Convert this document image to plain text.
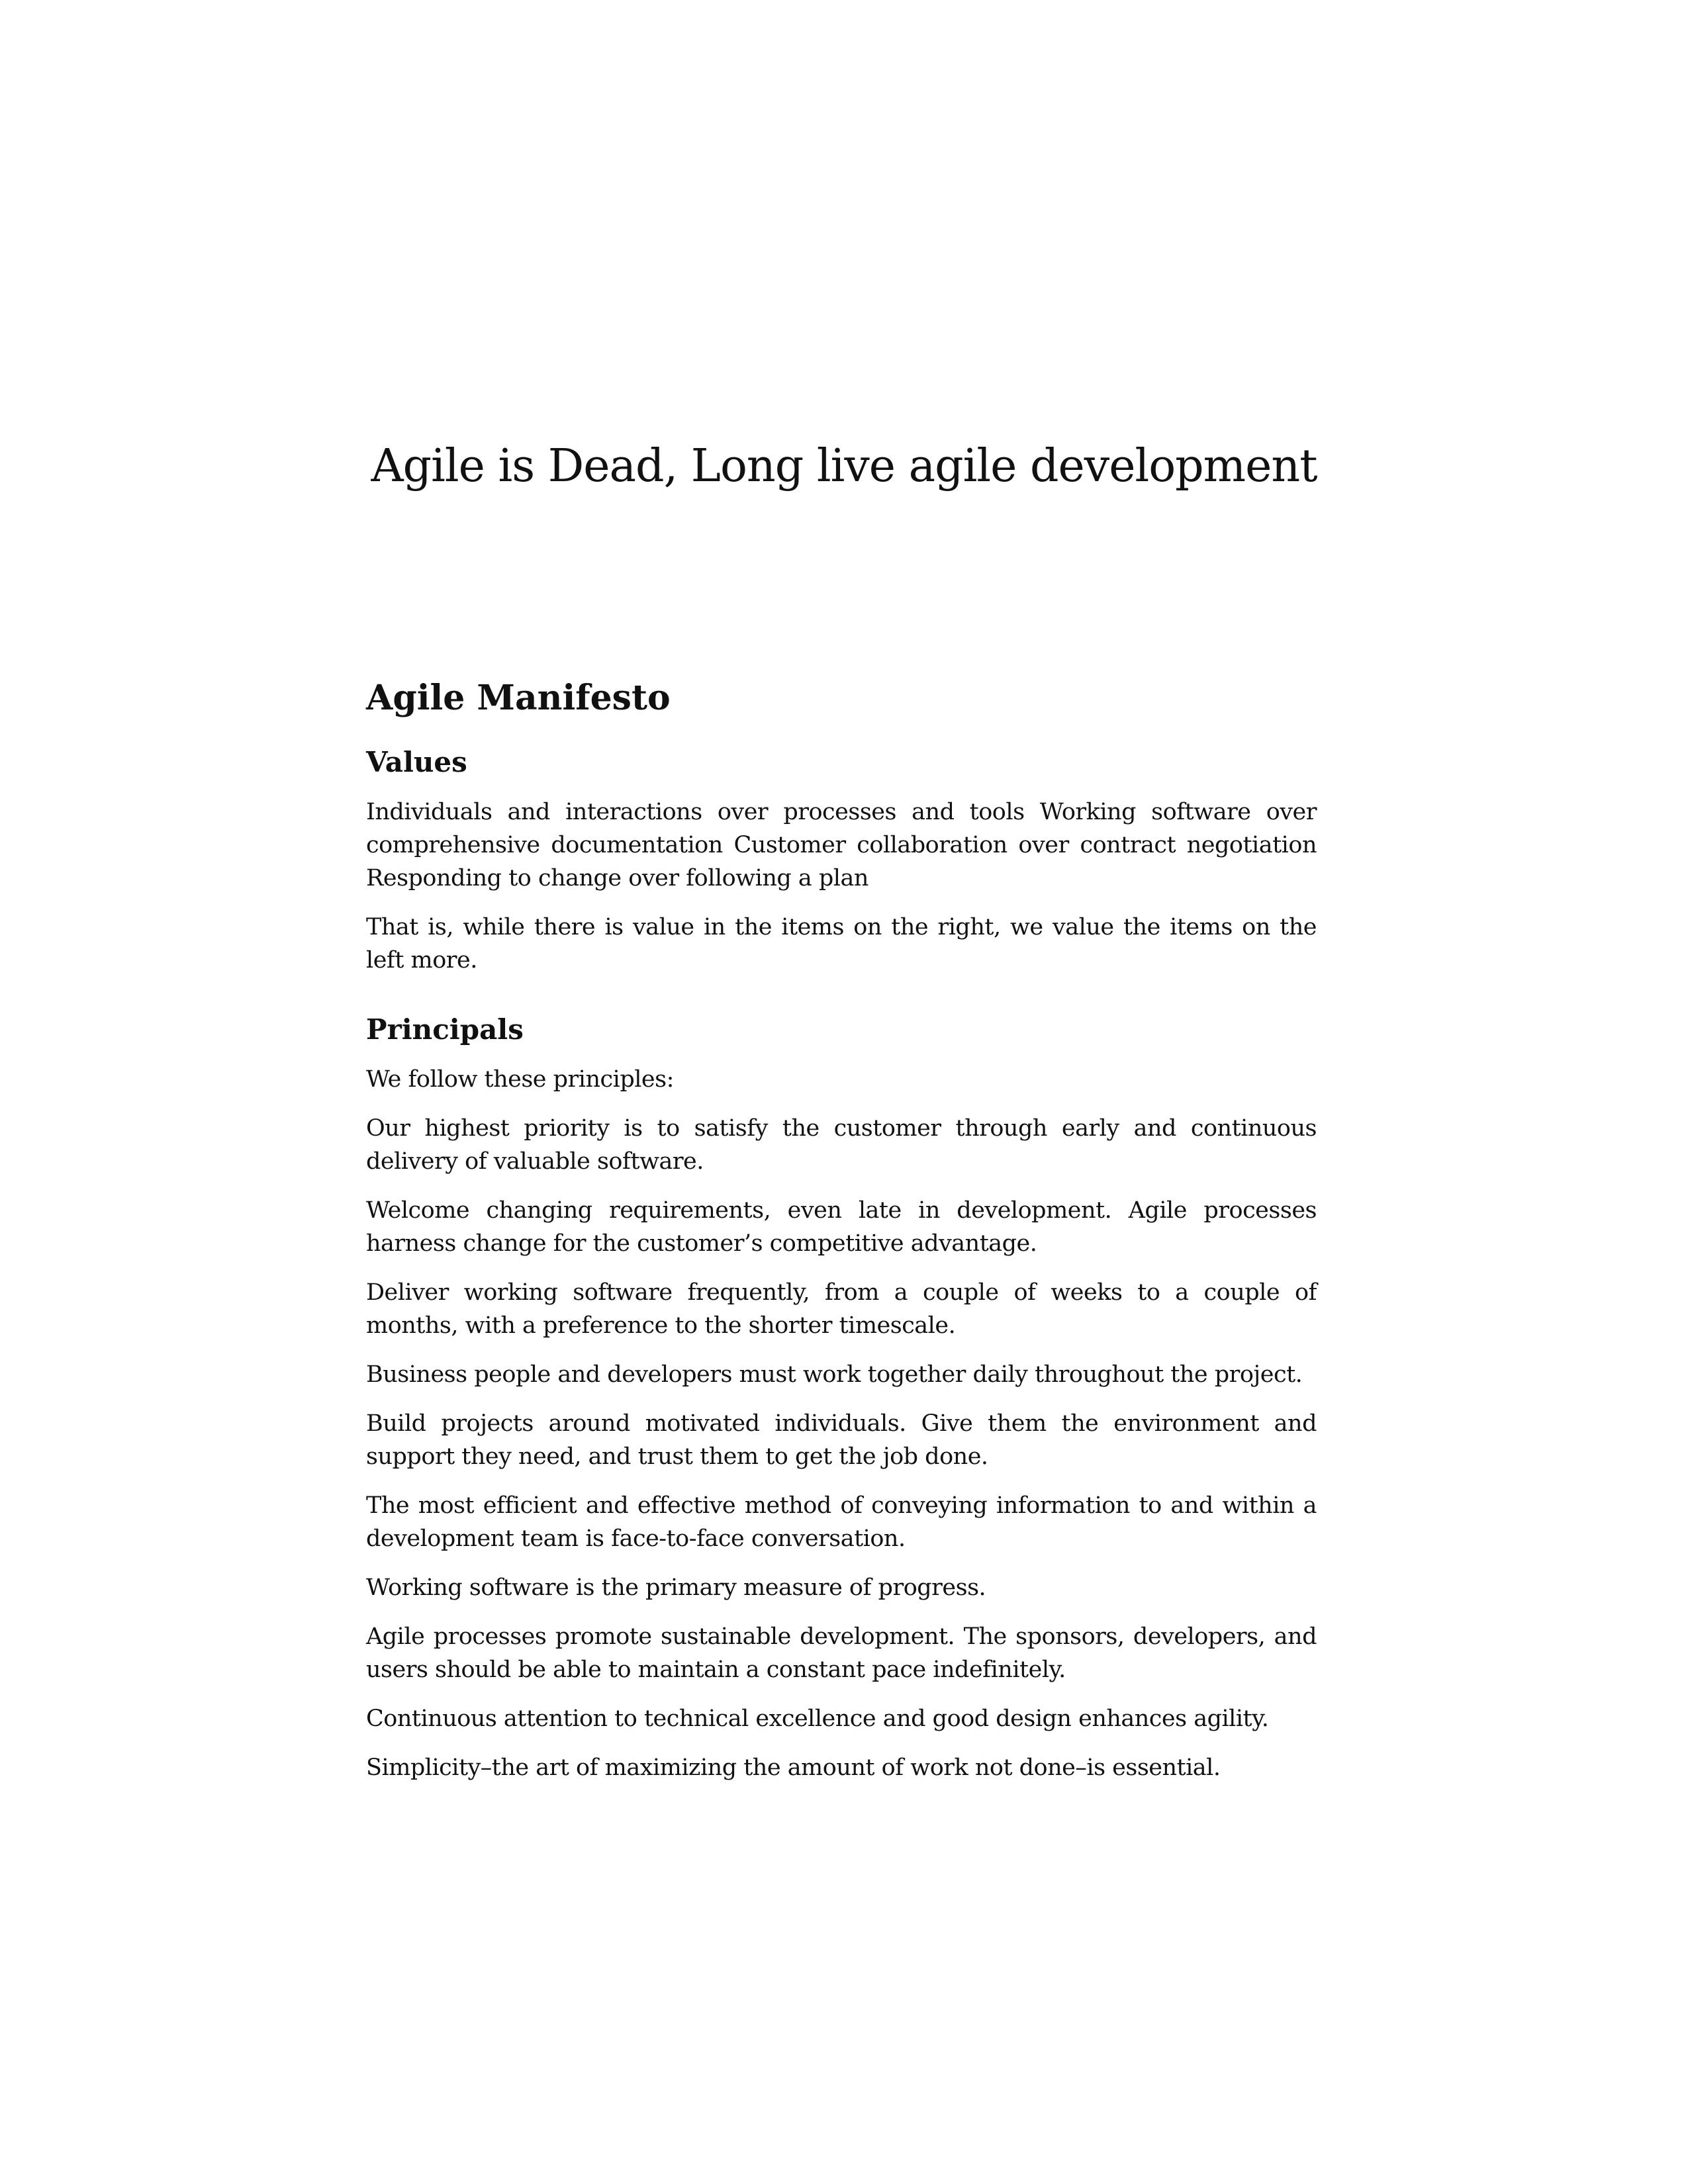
Agile is Dead, Long live agile development
Agile Manifesto
Values

Individuals and interactions over processes and tools Working software over comprehensive documentation Customer collaboration over contract negotiation Responding to change over following a plan

That is, while there is value in the items on the right, we value the items on the left more.

Principals

We follow these principles:

Our highest priority is to satisfy the customer through early and continuous delivery of valuable software.

Welcome changing requirements, even late in development. Agile processes harness change for the customer’s competitive advantage.

Deliver working software frequently, from a couple of weeks to a couple of months, with a preference to the shorter timescale.

Business people and developers must work together daily throughout the project.

Build projects around motivated individuals. Give them the environment and support they need, and trust them to get the job done.

The most efficient and effective method of conveying information to and within a development team is face-to-face conversation.

Working software is the primary measure of progress.

Agile processes promote sustainable development. The sponsors, developers, and users should be able to maintain a constant pace indefinitely.

Continuous attention to technical excellence and good design enhances agility.

Simplicity–the art of maximizing the amount of work not done–is essential.
